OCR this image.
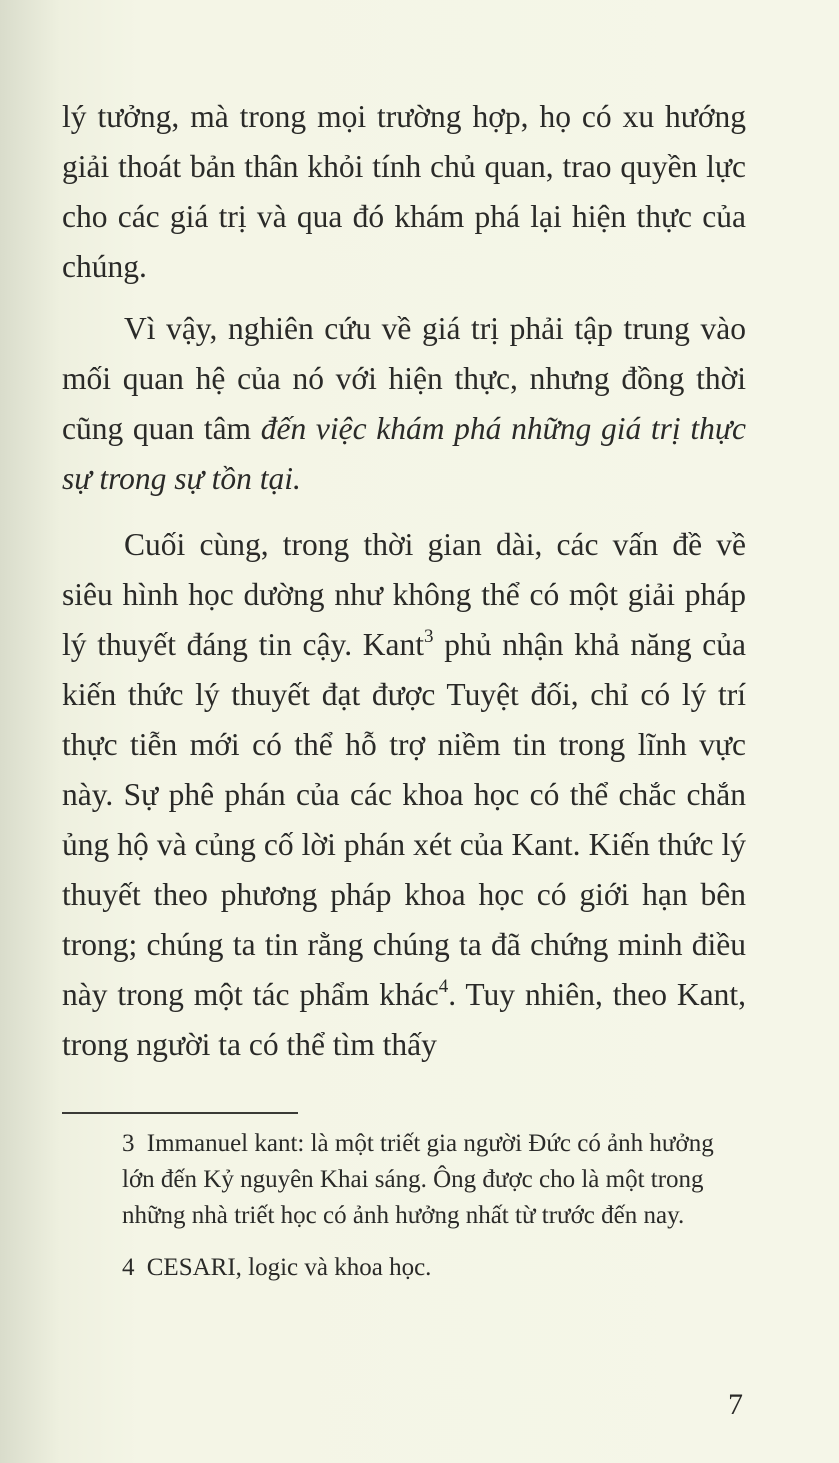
lý tưởng, mà trong mọi trường hợp, họ có xu hướng giải thoát bản thân khỏi tính chủ quan, trao quyền lực cho các giá trị và qua đó khám phá lại hiện thực của chúng.

Vì vậy, nghiên cứu về giá trị phải tập trung vào mối quan hệ của nó với hiện thực, nhưng đồng thời cũng quan tâm đến việc khám phá những giá trị thực sự trong sự tồn tại.

Cuối cùng, trong thời gian dài, các vấn đề về siêu hình học dường như không thể có một giải pháp lý thuyết đáng tin cậy. Kant$^3$ phủ nhận khả năng của kiến thức lý thuyết đạt được Tuyệt đối, chỉ có lý trí thực tiễn mới có thể hỗ trợ niềm tin trong lĩnh vực này. Sự phê phán của các khoa học có thể chắc chắn ủng hộ và củng cố lời phán xét của Kant. Kiến thức lý thuyết theo phương pháp khoa học có giới hạn bên trong; chúng ta tin rằng chúng ta đã chứng minh điều này trong một tác phẩm khác$^4$. Tuy nhiên, theo Kant, trong người ta có thể tìm thấy

3 Immanuel kant: là một triết gia người Đức có ảnh hưởng lớn đến Kỷ nguyên Khai sáng. Ông được cho là một trong những nhà triết học có ảnh hưởng nhất từ trước đến nay.

4 CESARI, logic và khoa học.

7
